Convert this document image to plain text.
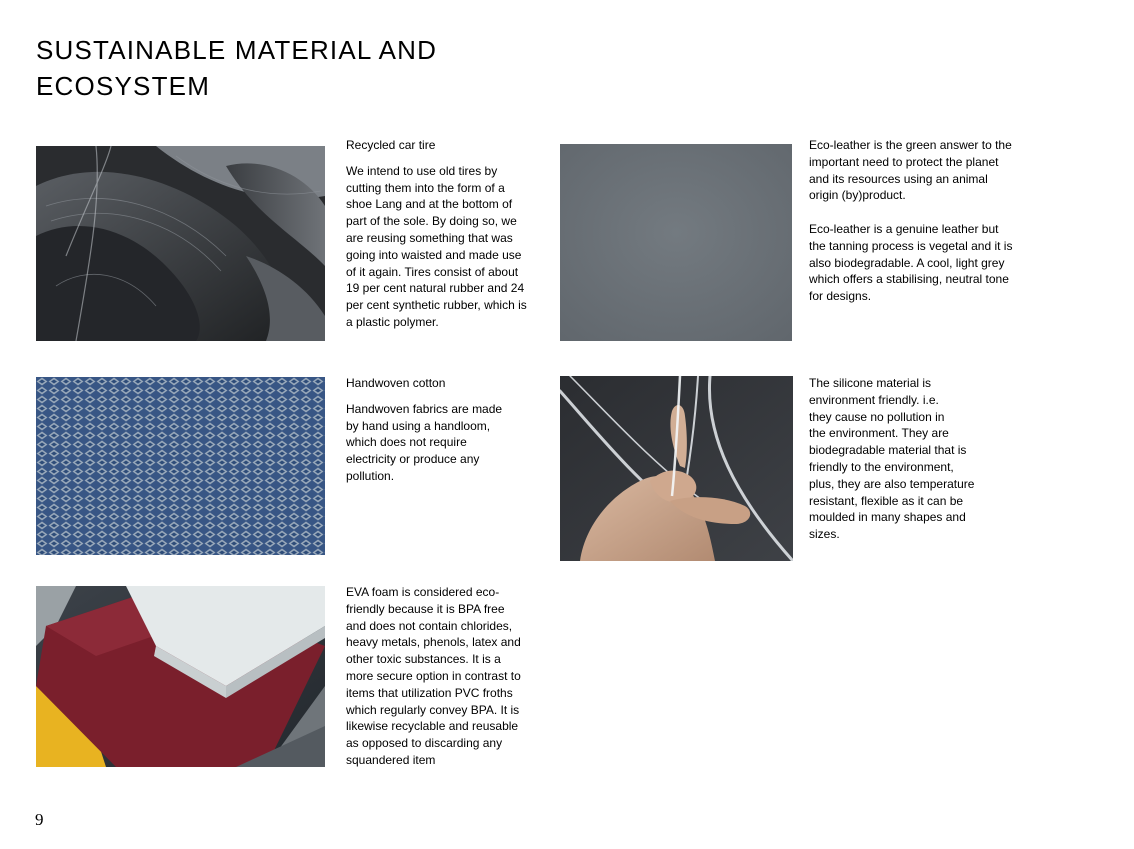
SUSTAINABLE MATERIAL AND
ECOSYSTEM
Recycled car tire
We intend to use old tires by
cutting them into the form of a
shoe Lang and at the bottom of
part of the sole. By doing so, we
are reusing something that was
going into waisted and made use
of it again. Tires consist of about
19 per cent natural rubber and 24
per cent synthetic rubber, which is
a plastic polymer.
Eco-leather is the green answer to the
important need to protect the planet
and its resources using an animal
origin (by)product.
Eco-leather is a genuine leather but
the tanning process is vegetal and it is
also biodegradable. A cool, light grey
which offers a stabilising, neutral tone
for designs.
Handwoven cotton
Handwoven fabrics are made
by hand using a handloom,
which does not require
electricity or produce any
pollution.
The silicone material is
environment friendly. i.e.
they cause no pollution in
the environment. They are
biodegradable material that is
friendly to the environment,
plus, they are also temperature
resistant, flexible as it can be
moulded in many shapes and
sizes.
EVA foam is considered eco-
friendly because it is BPA free
and does not contain chlorides,
heavy metals, phenols, latex and
other toxic substances. It is a
more secure option in contrast to
items that utilization PVC froths
which regularly convey BPA. It is
likewise recyclable and reusable
as opposed to discarding any
squandered item
9
